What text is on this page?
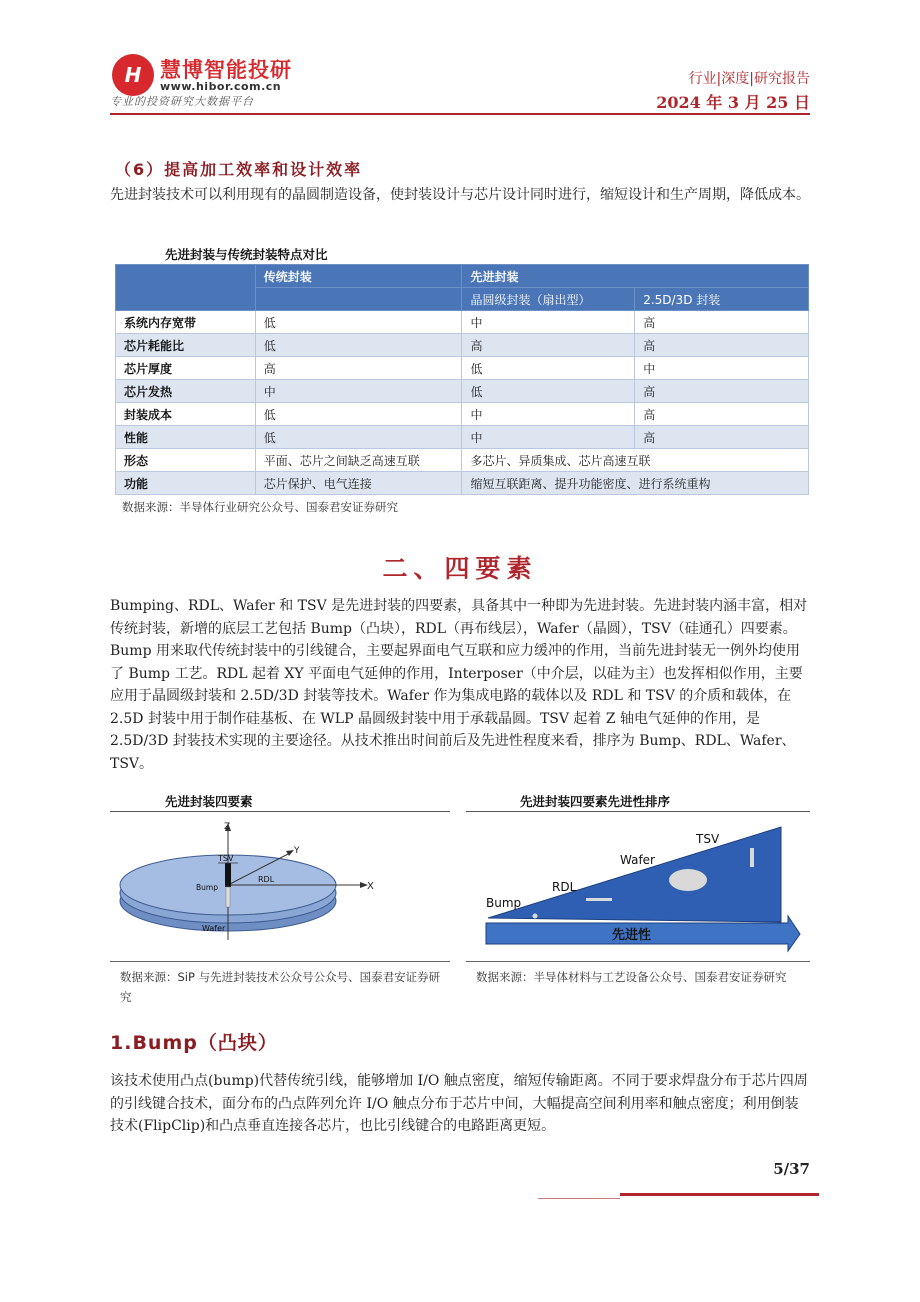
H 慧博智能投研
www.hibor.com.cn
专业的投资研究大数据平台
行业|深度|研究报告
2024 年 3 月 25 日
（6）提高加工效率和设计效率
先进封装技术可以利用现有的晶圆制造设备，使封装设计与芯片设计同时进行，缩短设计和生产周期，降低成本。
先进封装与传统封装特点对比
	传统封装	先进封装	
		晶圆级封装（扇出型）	2.5D/3D 封装
系统内存宽带	低	中	高
芯片耗能比	低	高	高
芯片厚度	高	低	中
芯片发热	中	低	高
封装成本	低	中	高
性能	低	中	高
形态	平面、芯片之间缺乏高速互联	多芯片、异质集成、芯片高速互联	
功能	芯片保护、电气连接	缩短互联距离、提升功能密度、进行系统重构	
数据来源：半导体行业研究公众号、国泰君安证券研究
二、四要素
Bumping、RDL、Wafer 和 TSV 是先进封装的四要素，具备其中一种即为先进封装。先进封装内涵丰富，相对传统封装，新增的底层工艺包括 Bump（凸块），RDL（再布线层），Wafer（晶圆），TSV（硅通孔）四要素。Bump 用来取代传统封装中的引线键合，主要起界面电气互联和应力缓冲的作用，当前先进封装无一例外均使用了 Bump 工艺。RDL 起着 XY 平面电气延伸的作用，Interposer（中介层，以硅为主）也发挥相似作用，主要应用于晶圆级封装和 2.5D/3D 封装等技术。Wafer 作为集成电路的载体以及 RDL 和 TSV 的介质和载体，在 2.5D 封装中用于制作硅基板、在 WLP 晶圆级封装中用于承载晶圆。TSV 起着 Z 轴电气延伸的作用，是 2.5D/3D 封装技术实现的主要途径。从技术推出时间前后及先进性程度来看，排序为 Bump、RDL、Wafer、TSV。
先进封装四要素	先进封装四要素先进性排序
Z
Y
X
TSV
Bump
RDL
Wafer
Bump
RDL
Wafer
TSV
先进性
数据来源：SiP 与先进封装技术公众号公众号、国泰君安证券研究
数据来源：半导体材料与工艺设备公众号、国泰君安证券研究
1.Bump（凸块）
该技术使用凸点(bump)代替传统引线，能够增加 I/O 触点密度，缩短传输距离。不同于要求焊盘分布于芯片四周的引线键合技术，面分布的凸点阵列允许 I/O 触点分布于芯片中间，大幅提高空间利用率和触点密度；利用倒装技术(FlipClip)和凸点垂直连接各芯片，也比引线键合的电路距离更短。
5/37
